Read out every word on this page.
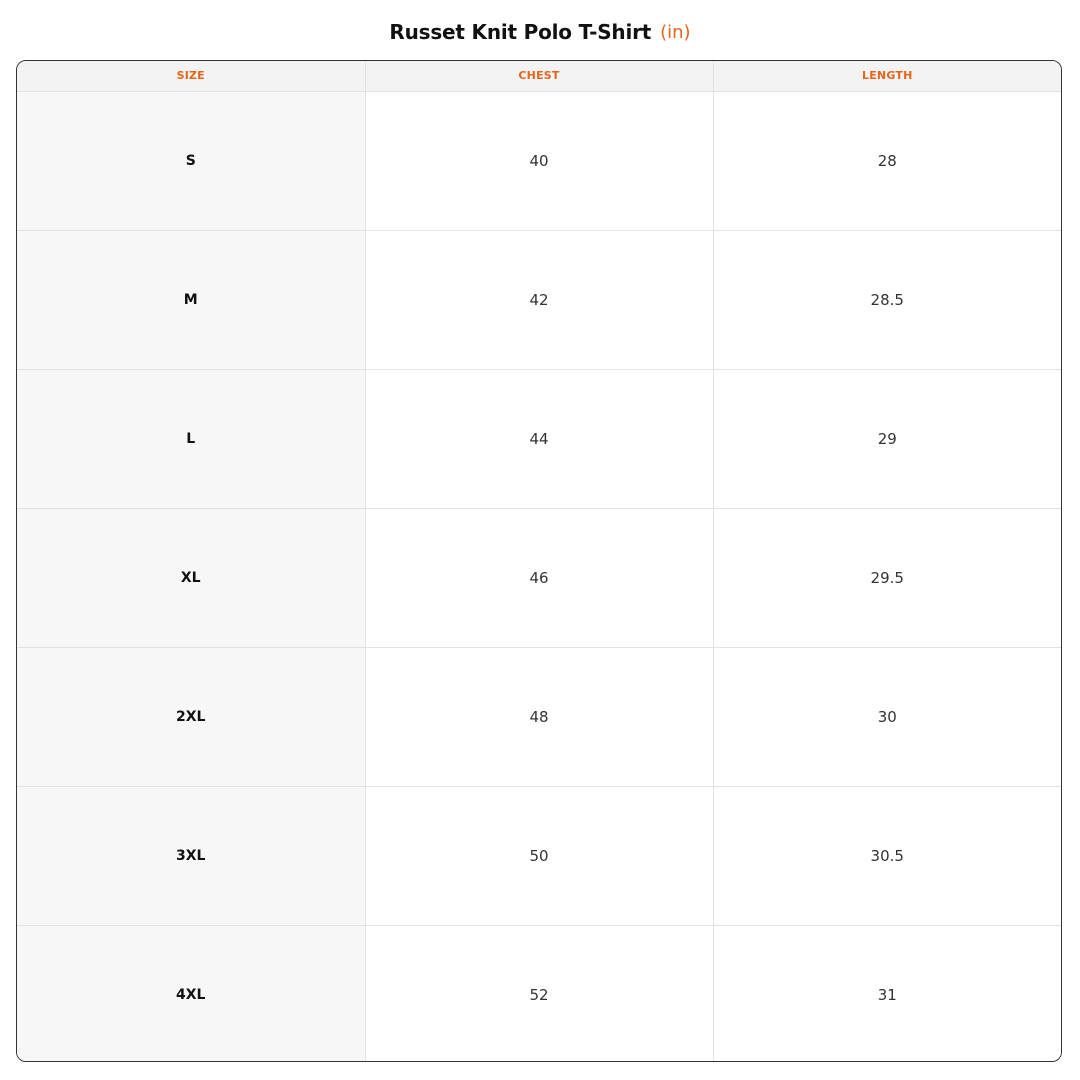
Russet Knit Polo T-Shirt (in)
SIZE	CHEST	LENGTH
S	40	28
M	42	28.5
L	44	29
XL	46	29.5
2XL	48	30
3XL	50	30.5
4XL	52	31
